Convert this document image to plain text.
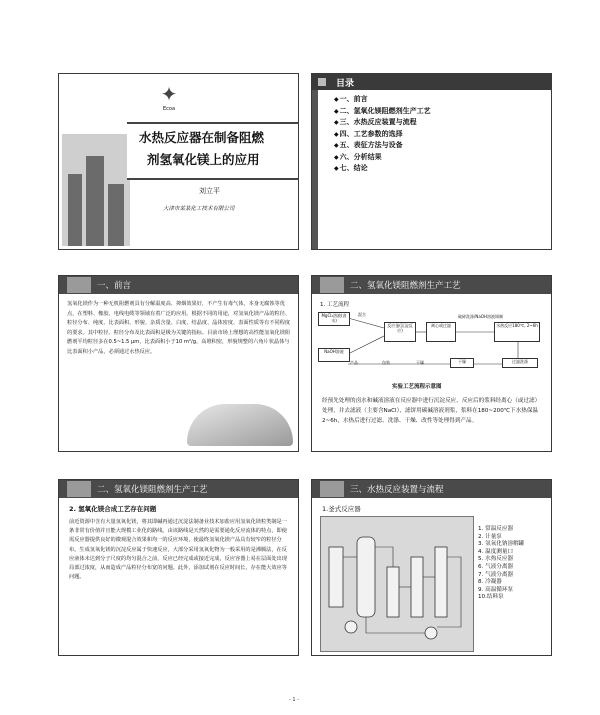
✦
Ecoa
水热反应器在制备阻燃
剂氢氧化镁上的应用
刘立平
大津市某某化工技术有限公司
目录
◆一、前言
◆二、氢氧化镁阻燃剂生产工艺
◆三、水热反应装置与流程
◆四、工艺参数的选择
◆五、表征方法与设备
◆六、分析结果
◆七、结论
一、前言
氢氧化镁作为一种无机阻燃剂具有分解温度高、抑烟效果好，不产生有毒气体，本身无腐蚀等优点，在塑料、橡胶、电线电缆等领域有着广泛的应用。根据不同的用途，对氢氧化镁产品的粒径、粒径分布、纯度、比表面积、形貌、杂质含量、白度、结晶度、晶体密度、表面性质等有不同程度的要求。其中粒径、粒径分布及比表面积是极为关键的指标。目前市场上理想的高性能氢氧化镁阻燃剂平均粒径多在0.5~1.5 μm，比表面积小于10 m²/g，高堆积密，形貌规整的六角片状晶体与比表面积小产品，必须通过水热反应。
二、氢氧化镁阻燃剂生产工艺
1. 工艺流程
MgCl₂溶液(卤水)
NaOH溶液
反应釜(沉淀反应)
离心或过滤	水热反应180℃, 2~6h
破碎洗涤/NaOH溶液调制
混合
产品	包装	干燥	干燥	过滤洗涤
实验工艺流程示意图
经预先处理的卤水和碱液溶液在反应器中进行沉淀反应，反应后的浆料经离心（或过滤）处理，并去滤液（主要含NaCl），滤饼用碳碱溶液剂浆，浆料在180~200℃下水热保温2~6h，水热后进行过滤、洗涤、干燥、改性等处理得到产品。
二、氢氧化镁阻燃剂生产工艺
2. 氢氧化镁合成工艺存在问题
前近资源中含有大量氢氧化镁，将其即碱再通过沉淀法制备业技术加盐应用氢氧化镁粒类制是一条非常有价值并且能大规模工业化的路线。由该路线是天然的是需要通化反应流体的特点，即使需反应器提供良好的微观混合效果和均一的反应环境，使最终氢氧化镁产品具有较窄的粒径分布。生成氢氧化镁的沉淀反应属于快速反应，大部分采用氢氧化物为一般采用的是沸腾法，在反应液体未达到分子尺度的均匀混合之前，反应已经完成或接近完成，反应容器上易在层面处出现局部过浓度，从而造成产品粒径分布宽的问题。此外，添加试剂在反应时间长，存在能大效应等问题。
三、水热反应装置与流程
1.釜式反应器
1. 常温反应器
2. 计量泵
3. 氢氧化钠溶解罐
4. 温度测量口
5. 水热反应器
6. 气液分离器
7. 气液分离器
8. 冷凝器
9. 高温循环泵
10.结料泵
- 1 -
